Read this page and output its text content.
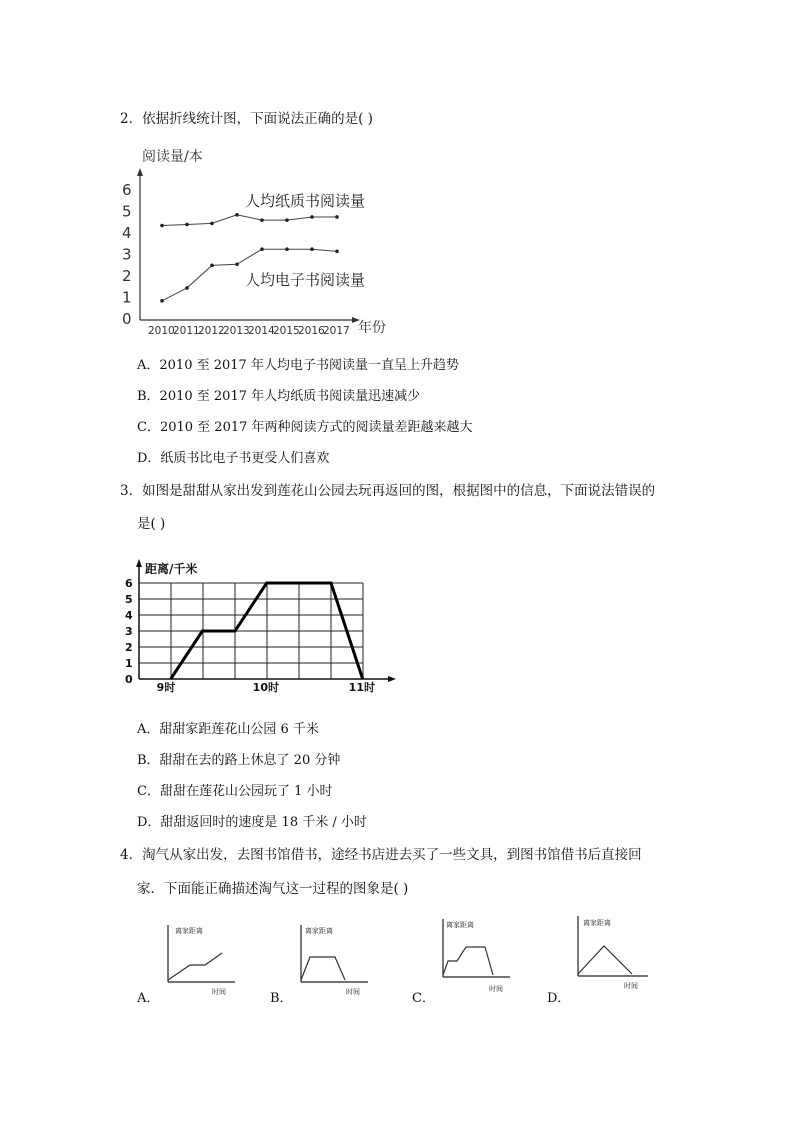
2．依据折线统计图，下面说法正确的是( )
阅读量/本
0
1
2
3
4
5
6
2010
2011
2012
2013
2014
2015
2016
2017 年份
人均纸质书阅读量
人均电子书阅读量
A．2010 至 2017 年人均电子书阅读量一直呈上升趋势
B．2010 至 2017 年人均纸质书阅读量迅速减少
C．2010 至 2017 年两种阅读方式的阅读量差距越来越大
D．纸质书比电子书更受人们喜欢
3．如图是甜甜从家出发到莲花山公园去玩再返回的图，根据图中的信息，下面说法错误的
是( )
距离/千米
0
1
2
3
4
5
6
9时	10时	11时
A．甜甜家距莲花山公园 6 千米
B．甜甜在去的路上休息了 20 分钟
C．甜甜在莲花山公园玩了 1 小时
D．甜甜返回时的速度是 18 千米 / 小时
4．淘气从家出发，去图书馆借书，途经书店进去买了一些文具，到图书馆借书后直接回
家．下面能正确描述淘气这一过程的图象是( )
A．
离家距离
时间	B．
离家距离
时间	C．
离家距离
时间
D．
离家距离
时间
